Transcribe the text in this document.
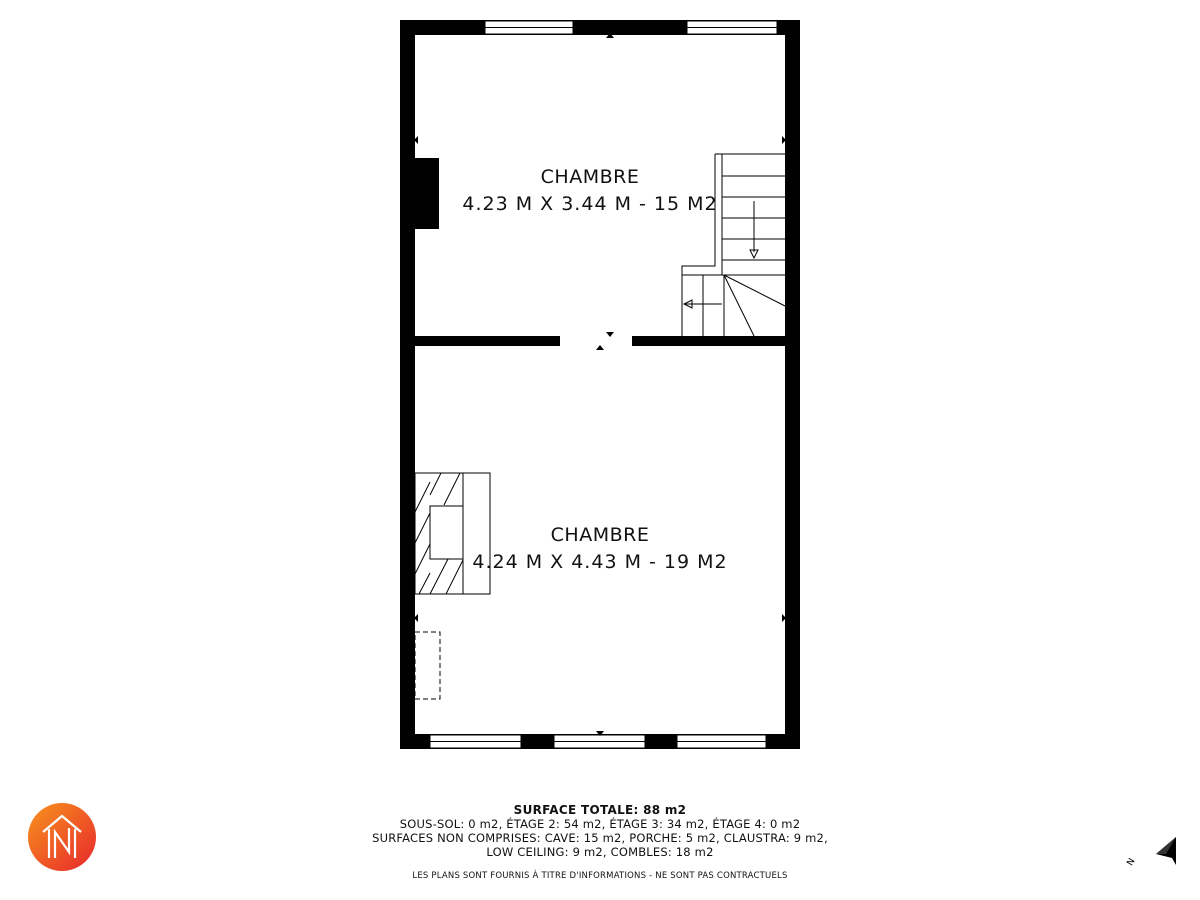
CHAMBRE
4.23 M X 3.44 M - 15 M2
CHAMBRE
4.24 M X 4.43 M - 19 M2
SURFACE TOTALE: 88 m2
SOUS-SOL: 0 m2, ÉTAGE 2: 54 m2, ÉTAGE 3: 34 m2, ÉTAGE 4: 0 m2
SURFACES NON COMPRISES: CAVE: 15 m2, PORCHE: 5 m2, CLAUSTRA: 9 m2,
LOW CEILING: 9 m2, COMBLES: 18 m2
LES PLANS SONT FOURNIS À TITRE D'INFORMATIONS - NE SONT PAS CONTRACTUELS
N
